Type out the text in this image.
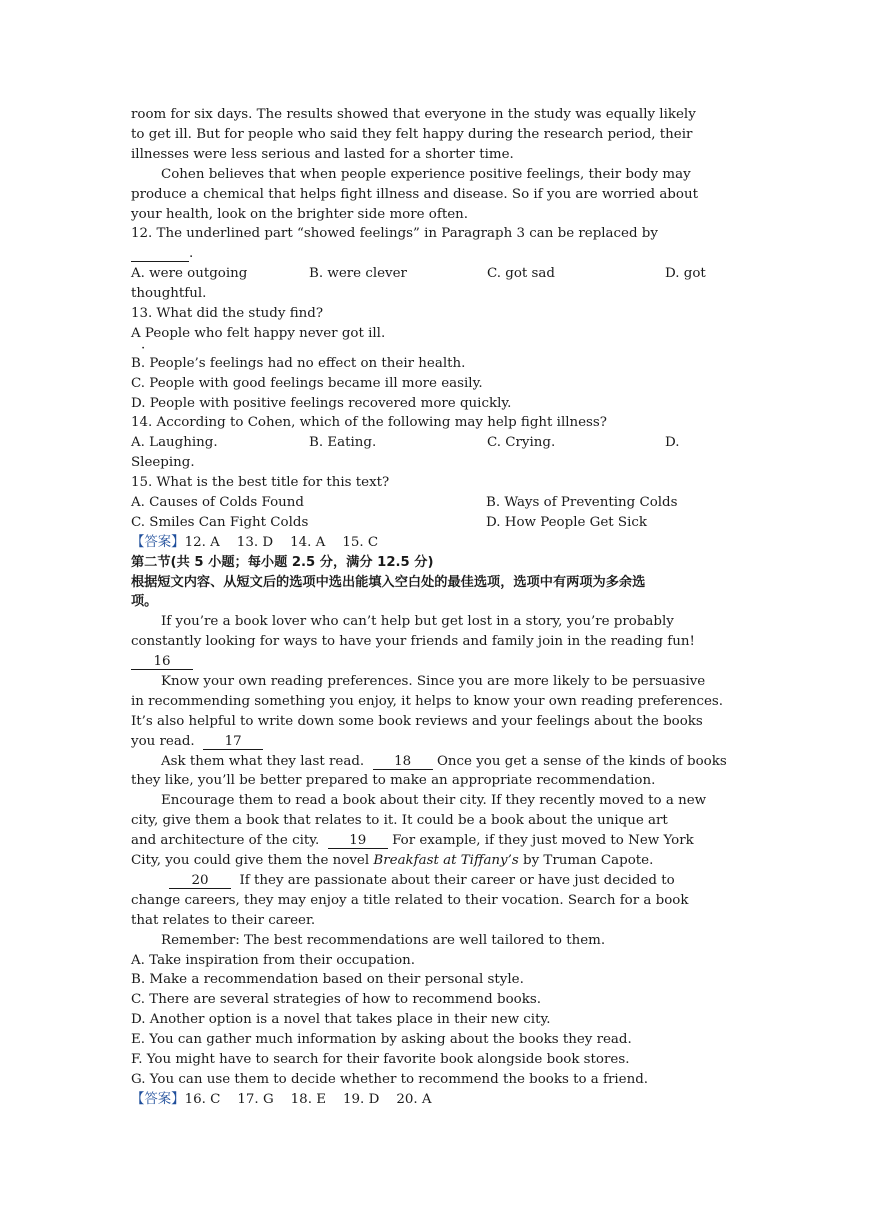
room for six days. The results showed that everyone in the study was equally likely
to get ill. But for people who said they felt happy during the research period, their
illnesses were less serious and lasted for a shorter time.
Cohen believes that when people experience positive feelings, their body may
produce a chemical that helps fight illness and disease. So if you are worried about
your health, look on the brighter side more often.
12. The underlined part “showed feelings” in Paragraph 3 can be replaced by
.
A. were outgoing	B. were clever	C. got sad	D. got
thoughtful.
13. What did the study find?
A People who felt happy never got ill.
·
B. People’s feelings had no effect on their health.
C. People with good feelings became ill more easily.
D. People with positive feelings recovered more quickly.
14. According to Cohen, which of the following may help fight illness?
A. Laughing.	B. Eating.	C. Crying.	D.
Sleeping.
15. What is the best title for this text?
A. Causes of Colds Found	B. Ways of Preventing Colds
C. Smiles Can Fight Colds	D. How People Get Sick
【答案】12. A    13. D    14. A    15. C
第二节(共 5 小题；每小题 2.5 分，满分 12.5 分)
根据短文内容、从短文后的选项中选出能填入空白处的最佳选项，选项中有两项为多余选
项。
If you’re a book lover who can’t help but get lost in a story, you’re probably
constantly looking for ways to have your friends and family join in the reading fun!
16
Know your own reading preferences. Since you are more likely to be persuasive
in recommending something you enjoy, it helps to know your own reading preferences.
It’s also helpful to write down some book reviews and your feelings about the books
you read. 17
Ask them what they last read. 18 Once you get a sense of the kinds of books
they like, you’ll be better prepared to make an appropriate recommendation.
Encourage them to read a book about their city. If they recently moved to a new
city, give them a book that relates to it. It could be a book about the unique art
and architecture of the city. 19 For example, if they just moved to New York
City, you could give them the novel Breakfast at Tiffany’s by Truman Capote.
20 If they are passionate about their career or have just decided to
change careers, they may enjoy a title related to their vocation. Search for a book
that relates to their career.
Remember: The best recommendations are well tailored to them.
A. Take inspiration from their occupation.
B. Make a recommendation based on their personal style.
C. There are several strategies of how to recommend books.
D. Another option is a novel that takes place in their new city.
E. You can gather much information by asking about the books they read.
F. You might have to search for their favorite book alongside book stores.
G. You can use them to decide whether to recommend the books to a friend.
【答案】16. C    17. G    18. E    19. D    20. A
